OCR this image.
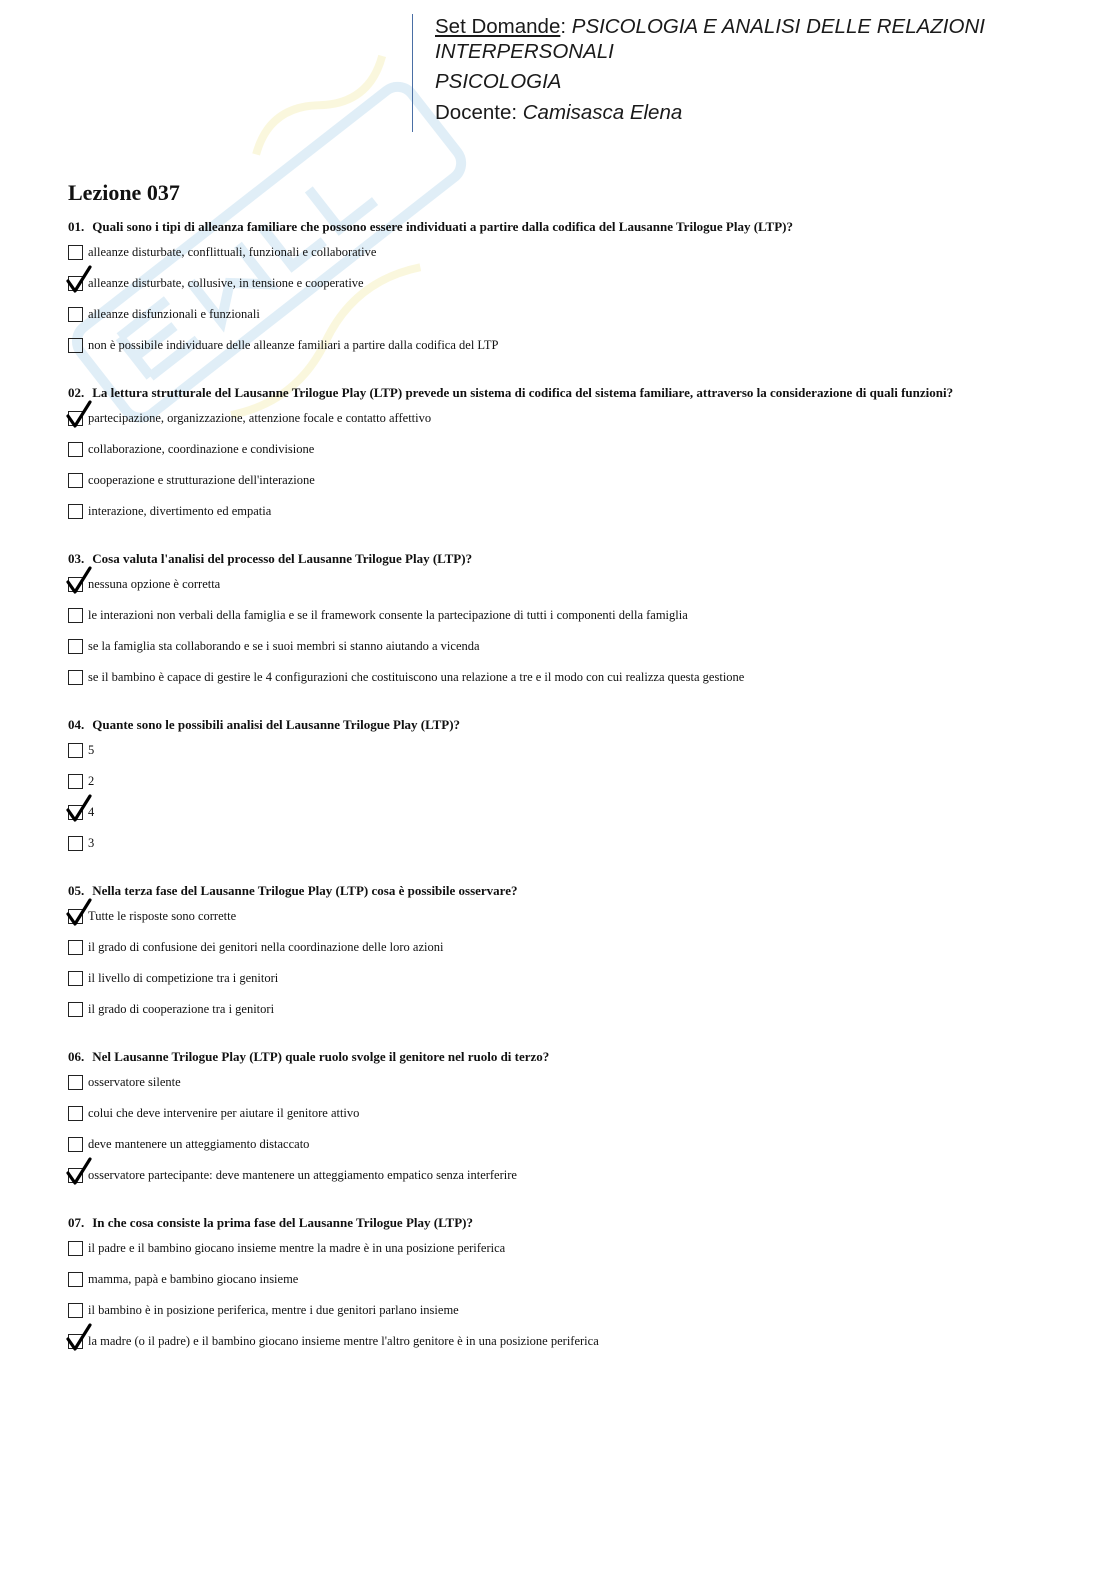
Set Domande: PSICOLOGIA E ANALISI DELLE RELAZIONI

INTERPERSONALI

PSICOLOGIA

Docente: Camisasca Elena

Lezione 037

01. Quali sono i tipi di alleanza familiare che possono essere individuati a partire dalla codifica del Lausanne Trilogue Play (LTP)?

alleanze disturbate, conflittuali, funzionali e collaborative
alleanze disturbate, collusive, in tensione e cooperative
alleanze disfunzionali e funzionali
non è possibile individuare delle alleanze familiari a partire dalla codifica del LTP

02. La lettura strutturale del Lausanne Trilogue Play (LTP) prevede un sistema di codifica del sistema familiare, attraverso la considerazione di quali funzioni?

partecipazione, organizzazione, attenzione focale e contatto affettivo
collaborazione, coordinazione e condivisione
cooperazione e strutturazione dell'interazione
interazione, divertimento ed empatia

03. Cosa valuta l'analisi del processo del Lausanne Trilogue Play (LTP)?

nessuna opzione è corretta
le interazioni non verbali della famiglia e se il framework consente la partecipazione di tutti i componenti della famiglia
se la famiglia sta collaborando e se i suoi membri si stanno aiutando a vicenda
se il bambino è capace di gestire le 4 configurazioni che costituiscono una relazione a tre e il modo con cui realizza questa gestione

04. Quante sono le possibili analisi del Lausanne Trilogue Play (LTP)?

5
2
4
3

05. Nella terza fase del Lausanne Trilogue Play (LTP) cosa è possibile osservare?

Tutte le risposte sono corrette
il grado di confusione dei genitori nella coordinazione delle loro azioni
il livello di competizione tra i genitori
il grado di cooperazione tra i genitori

06. Nel Lausanne Trilogue Play (LTP) quale ruolo svolge il genitore nel ruolo di terzo?

osservatore silente
colui che deve intervenire per aiutare il genitore attivo
deve mantenere un atteggiamento distaccato
osservatore partecipante: deve mantenere un atteggiamento empatico senza interferire

07. In che cosa consiste la prima fase del Lausanne Trilogue Play (LTP)?

il padre e il bambino giocano insieme mentre la madre è in una posizione periferica
mamma, papà e bambino giocano insieme
il bambino è in posizione periferica, mentre i due genitori parlano insieme
la madre (o il padre) e il bambino giocano insieme mentre l'altro genitore è in una posizione periferica
